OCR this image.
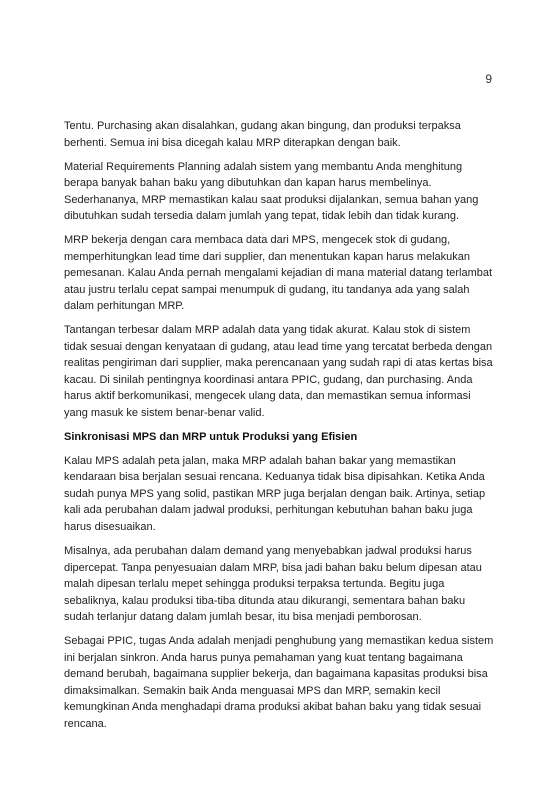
9

Tentu. Purchasing akan disalahkan, gudang akan bingung, dan produksi terpaksa berhenti. Semua ini bisa dicegah kalau MRP diterapkan dengan baik.

Material Requirements Planning adalah sistem yang membantu Anda menghitung berapa banyak bahan baku yang dibutuhkan dan kapan harus membelinya. Sederhananya, MRP memastikan kalau saat produksi dijalankan, semua bahan yang dibutuhkan sudah tersedia dalam jumlah yang tepat, tidak lebih dan tidak kurang.

MRP bekerja dengan cara membaca data dari MPS, mengecek stok di gudang, memperhitungkan lead time dari supplier, dan menentukan kapan harus melakukan pemesanan. Kalau Anda pernah mengalami kejadian di mana material datang terlambat atau justru terlalu cepat sampai menumpuk di gudang, itu tandanya ada yang salah dalam perhitungan MRP.

Tantangan terbesar dalam MRP adalah data yang tidak akurat. Kalau stok di sistem tidak sesuai dengan kenyataan di gudang, atau lead time yang tercatat berbeda dengan realitas pengiriman dari supplier, maka perencanaan yang sudah rapi di atas kertas bisa kacau. Di sinilah pentingnya koordinasi antara PPIC, gudang, dan purchasing. Anda harus aktif berkomunikasi, mengecek ulang data, dan memastikan semua informasi yang masuk ke sistem benar-benar valid.

Sinkronisasi MPS dan MRP untuk Produksi yang Efisien

Kalau MPS adalah peta jalan, maka MRP adalah bahan bakar yang memastikan kendaraan bisa berjalan sesuai rencana. Keduanya tidak bisa dipisahkan. Ketika Anda sudah punya MPS yang solid, pastikan MRP juga berjalan dengan baik. Artinya, setiap kali ada perubahan dalam jadwal produksi, perhitungan kebutuhan bahan baku juga harus disesuaikan.

Misalnya, ada perubahan dalam demand yang menyebabkan jadwal produksi harus dipercepat. Tanpa penyesuaian dalam MRP, bisa jadi bahan baku belum dipesan atau malah dipesan terlalu mepet sehingga produksi terpaksa tertunda. Begitu juga sebaliknya, kalau produksi tiba-tiba ditunda atau dikurangi, sementara bahan baku sudah terlanjur datang dalam jumlah besar, itu bisa menjadi pemborosan.

Sebagai PPIC, tugas Anda adalah menjadi penghubung yang memastikan kedua sistem ini berjalan sinkron. Anda harus punya pemahaman yang kuat tentang bagaimana demand berubah, bagaimana supplier bekerja, dan bagaimana kapasitas produksi bisa dimaksimalkan. Semakin baik Anda menguasai MPS dan MRP, semakin kecil kemungkinan Anda menghadapi drama produksi akibat bahan baku yang tidak sesuai rencana.
